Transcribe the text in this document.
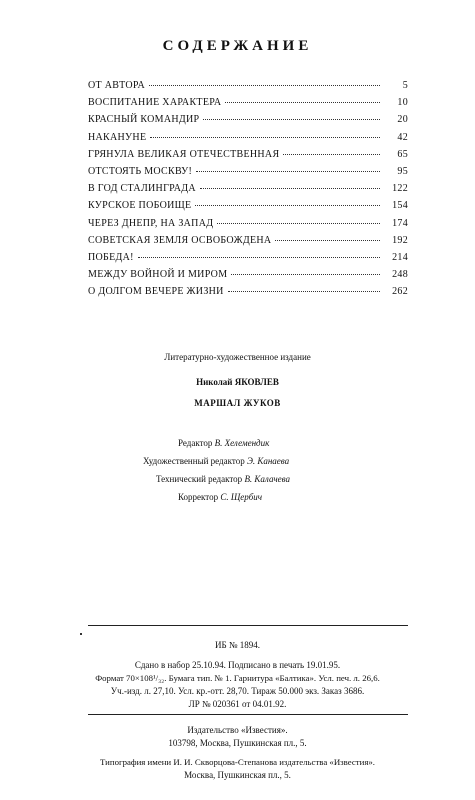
СОДЕРЖАНИЕ
ОТ АВТОРА	5
ВОСПИТАНИЕ ХАРАКТЕРА	10
КРАСНЫЙ КОМАНДИР	20
НАКАНУНЕ	42
ГРЯНУЛА ВЕЛИКАЯ ОТЕЧЕСТВЕННАЯ	65
ОТСТОЯТЬ МОСКВУ!	95
В ГОД СТАЛИНГРАДА	122
КУРСКОЕ ПОБОИЩЕ	154
ЧЕРЕЗ ДНЕПР, НА ЗАПАД	174
СОВЕТСКАЯ ЗЕМЛЯ ОСВОБОЖДЕНА	192
ПОБЕДА!	214
МЕЖДУ ВОЙНОЙ И МИРОМ	248
О ДОЛГОМ ВЕЧЕРЕ ЖИЗНИ	262
Литературно-художественное издание
Николай ЯКОВЛЕВ
МАРШАЛ ЖУКОВ
Редактор В. Хелемендик
Художественный редактор Э. Канаева
Технический редактор В. Калачева
Корректор С. Щербич
ИБ № 1894.
Сдано в набор 25.10.94. Подписано в печать 19.01.95.
Формат 70×108¹/₃₂. Бумага тип. № 1. Гарнитура «Балтика». Усл. печ. л. 26,6.
Уч.-изд. л. 27,10. Усл. кр.-отт. 28,70. Тираж 50.000 экз. Заказ 3686.
ЛР № 020361 от 04.01.92.
Издательство «Известия».
103798, Москва, Пушкинская пл., 5.
Типография имени И. И. Скворцова-Степанова издательства «Известия».
Москва, Пушкинская пл., 5.
